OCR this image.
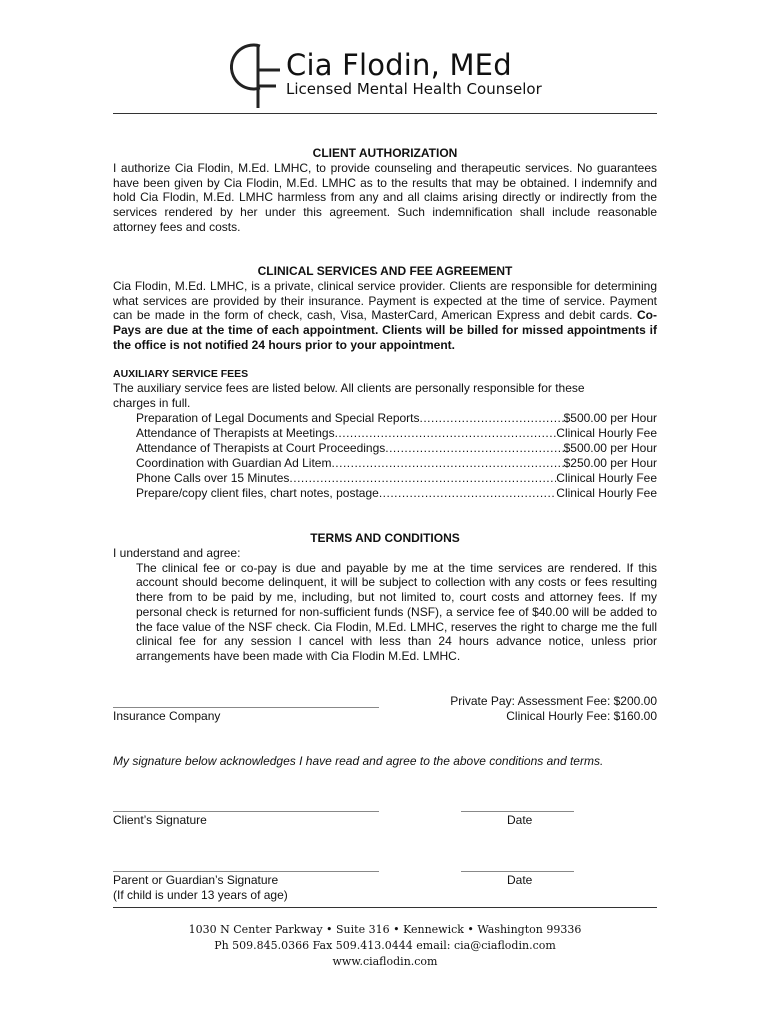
Cia Flodin, MEd
Licensed Mental Health Counselor
CLIENT AUTHORIZATION
I authorize Cia Flodin, M.Ed. LMHC, to provide counseling and therapeutic services. No guarantees have been given by Cia Flodin, M.Ed. LMHC as to the results that may be obtained. I indemnify and hold Cia Flodin, M.Ed. LMHC harmless from any and all claims arising directly or indirectly from the services rendered by her under this agreement. Such indemnification shall include reasonable attorney fees and costs.
CLINICAL SERVICES AND FEE AGREEMENT
Cia Flodin, M.Ed. LMHC, is a private, clinical service provider. Clients are responsible for determining what services are provided by their insurance. Payment is expected at the time of service. Payment can be made in the form of check, cash, Visa, MasterCard, American Express and debit cards. Co-Pays are due at the time of each appointment. Clients will be billed for missed appointments if the office is not notified 24 hours prior to your appointment.
AUXILIARY SERVICE FEES
The auxiliary service fees are listed below. All clients are personally responsible for these charges in full.
Preparation of Legal Documents and Special Reports .....	$500.00 per Hour
Attendance of Therapists at Meetings .....	Clinical Hourly Fee
Attendance of Therapists at Court Proceedings .....	$500.00 per Hour
Coordination with Guardian Ad Litem .....	$250.00 per Hour
Phone Calls over 15 Minutes .....	Clinical Hourly Fee
Prepare/copy client files, chart notes, postage .....	Clinical Hourly Fee
TERMS AND CONDITIONS
I understand and agree:
The clinical fee or co-pay is due and payable by me at the time services are rendered. If this account should become delinquent, it will be subject to collection with any costs or fees resulting there from to be paid by me, including, but not limited to, court costs and attorney fees. If my personal check is returned for non-sufficient funds (NSF), a service fee of $40.00 will be added to the face value of the NSF check. Cia Flodin, M.Ed. LMHC, reserves the right to charge me the full clinical fee for any session I cancel with less than 24 hours advance notice, unless prior arrangements have been made with Cia Flodin M.Ed. LMHC.
Insurance Company
Private Pay: Assessment Fee: $200.00
Clinical Hourly Fee: $160.00
My signature below acknowledges I have read and agree to the above conditions and terms.
Client’s Signature	Date
Parent or Guardian’s Signature
(If child is under 13 years of age)
Date
1030 N Center Parkway • Suite 316 • Kennewick • Washington 99336
Ph 509.845.0366 Fax 509.413.0444 email: cia@ciaflodin.com
www.ciaflodin.com
